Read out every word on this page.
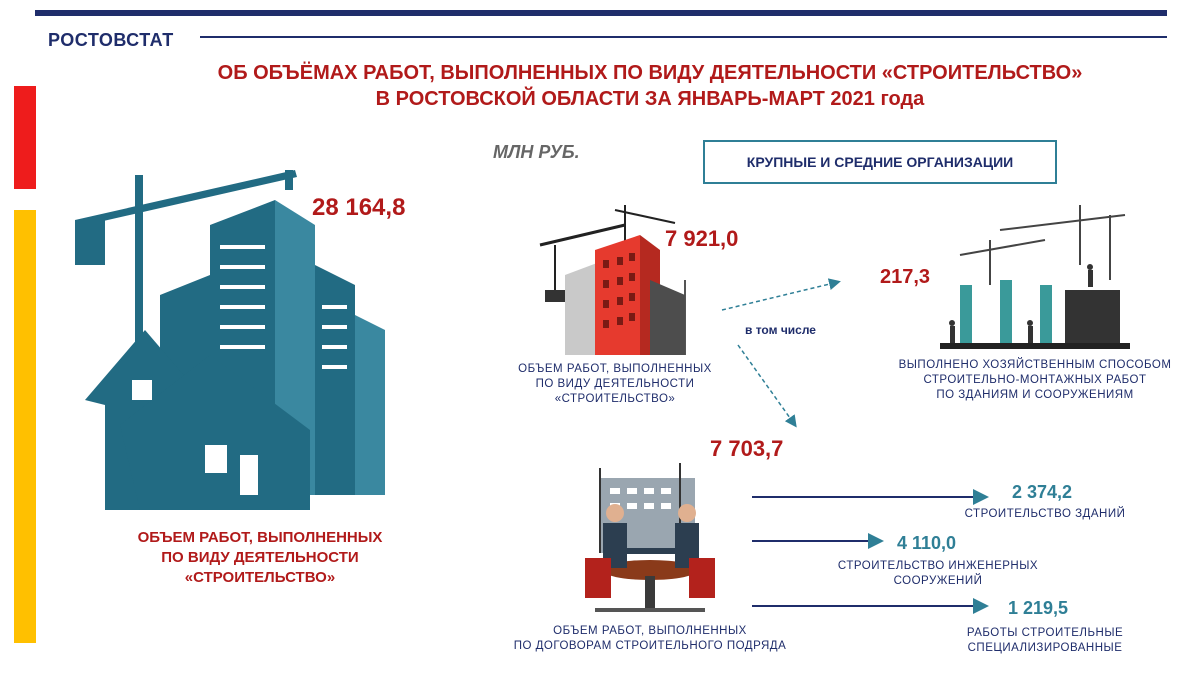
РОСТОВСТАТ
ОБ ОБЪЁМАХ РАБОТ, ВЫПОЛНЕННЫХ ПО ВИДУ ДЕЯТЕЛЬНОСТИ «СТРОИТЕЛЬСТВО»
В РОСТОВСКОЙ ОБЛАСТИ ЗА ЯНВАРЬ-МАРТ 2021 года
МЛН РУБ.	КРУПНЫЕ И СРЕДНИЕ ОРГАНИЗАЦИИ
28 164,8
ОБЪЕМ РАБОТ, ВЫПОЛНЕННЫХ
ПО ВИДУ ДЕЯТЕЛЬНОСТИ
«СТРОИТЕЛЬСТВО»
7 921,0
ОБЪЕМ РАБОТ, ВЫПОЛНЕННЫХ
ПО ВИДУ ДЕЯТЕЛЬНОСТИ
«СТРОИТЕЛЬСТВО»
в том числе
217,3
ВЫПОЛНЕНО ХОЗЯЙСТВЕННЫМ СПОСОБОМ
СТРОИТЕЛЬНО-МОНТАЖНЫХ РАБОТ
ПО ЗДАНИЯМ И СООРУЖЕНИЯМ
7 703,7
ОБЪЕМ РАБОТ, ВЫПОЛНЕННЫХ
ПО ДОГОВОРАМ СТРОИТЕЛЬНОГО ПОДРЯДА
2 374,2
СТРОИТЕЛЬСТВО ЗДАНИЙ
4 110,0
СТРОИТЕЛЬСТВО ИНЖЕНЕРНЫХ
СООРУЖЕНИЙ
1 219,5
РАБОТЫ СТРОИТЕЛЬНЫЕ
СПЕЦИАЛИЗИРОВАННЫЕ
